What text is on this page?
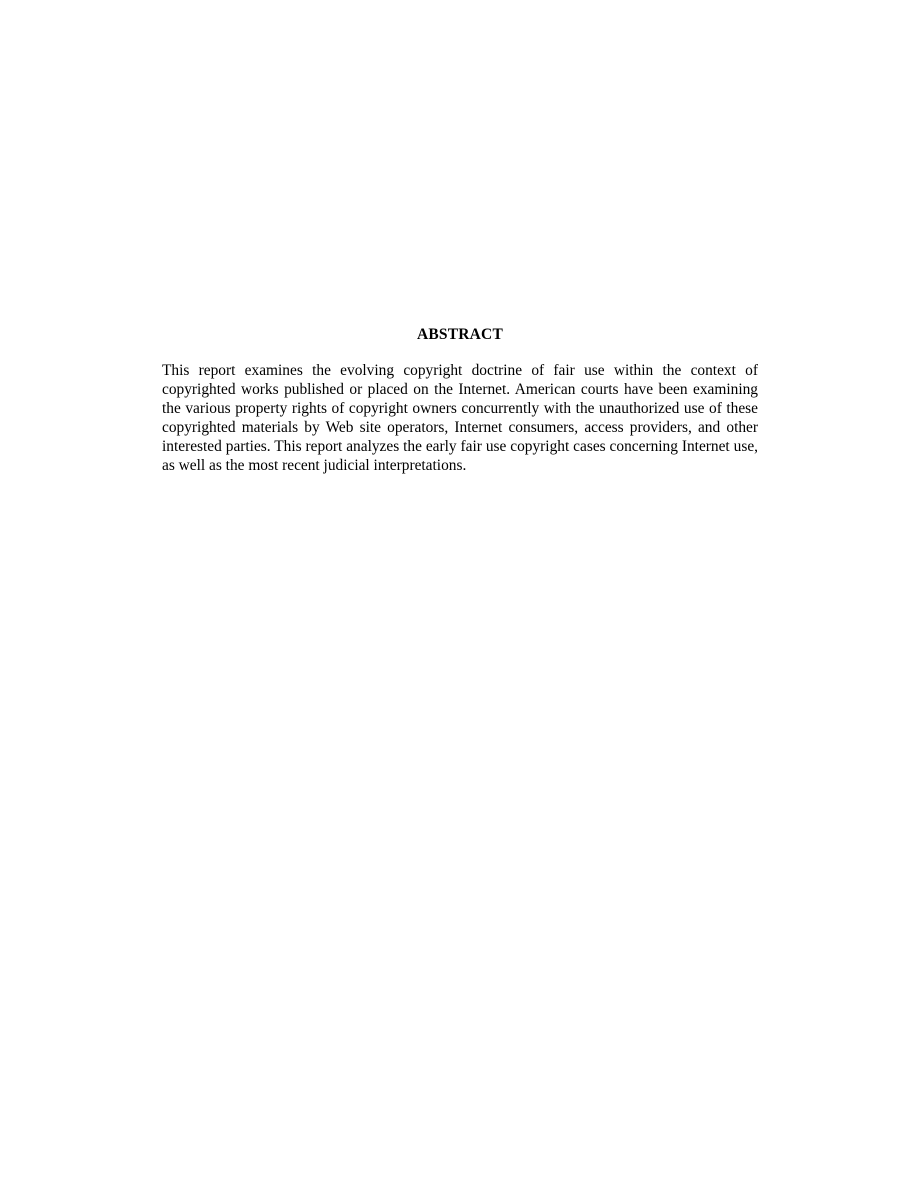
ABSTRACT

This report examines the evolving copyright doctrine of fair use within the context of copyrighted works published or placed on the Internet. American courts have been examining the various property rights of copyright owners concurrently with the unauthorized use of these copyrighted materials by Web site operators, Internet consumers, access providers, and other interested parties. This report analyzes the early fair use copyright cases concerning Internet use, as well as the most recent judicial interpretations.
